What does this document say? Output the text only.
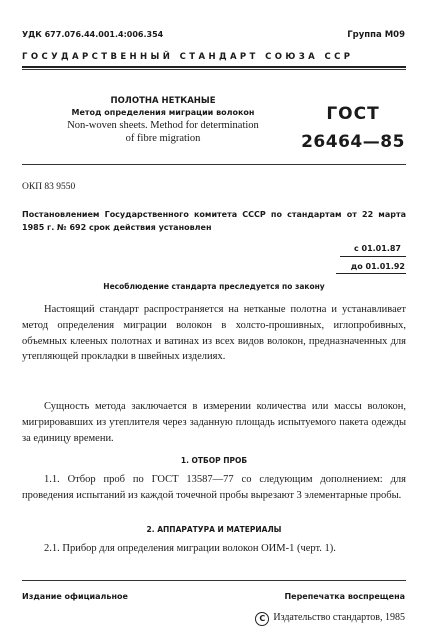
УДК 677.076.44.001.4:006.354	Группа М09
ГОСУДАРСТВЕННЫЙ СТАНДАРТ СОЮЗА ССР
ПОЛОТНА НЕТКАНЫЕ
Метод определения миграции волокон
Non-woven sheets. Method for determination
of fibre migration
ГОСТ
26464—85
ОКП 83 9550
Постановлением Государственного комитета СССР по стандартам от 22 марта 1985 г. № 692 срок действия установлен
с 01.01.87
до 01.01.92
Несоблюдение стандарта преследуется по закону
Настоящий стандарт распространяется на нетканые полотна и устанавливает метод определения миграции волокон в холсто-прошивных, иглопробивных, объемных клееных полотнах и ватинах из всех видов волокон, предназначенных для утепляющей прокладки в швейных изделиях.
Сущность метода заключается в измерении количества или массы волокон, мигрировавших из утеплителя через заданную площадь испытуемого пакета одежды за единицу времени.
1. ОТБОР ПРОБ
1.1. Отбор проб по ГОСТ 13587—77 со следующим дополнением: для проведения испытаний из каждой точечной пробы вырезают 3 элементарные пробы.
2. АППАРАТУРА И МАТЕРИАЛЫ
2.1. Прибор для определения миграции волокон ОИМ-1 (черт. 1).
Издание официальное	Перепечатка воспрещена
С Издательство стандартов, 1985
